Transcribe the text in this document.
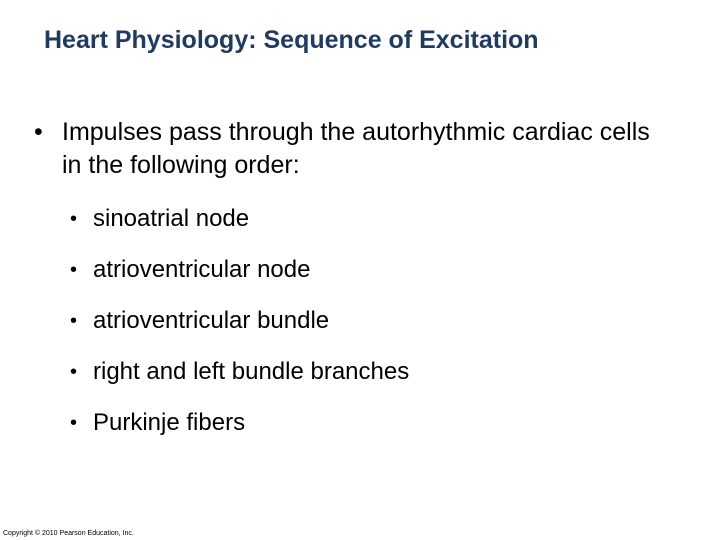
Heart Physiology: Sequence of Excitation
• Impulses pass through the autorhythmic cardiac cells in the following order:
• sinoatrial node
• atrioventricular node
• atrioventricular bundle
• right and left bundle branches
• Purkinje fibers
Copyright © 2010 Pearson Education, Inc.
